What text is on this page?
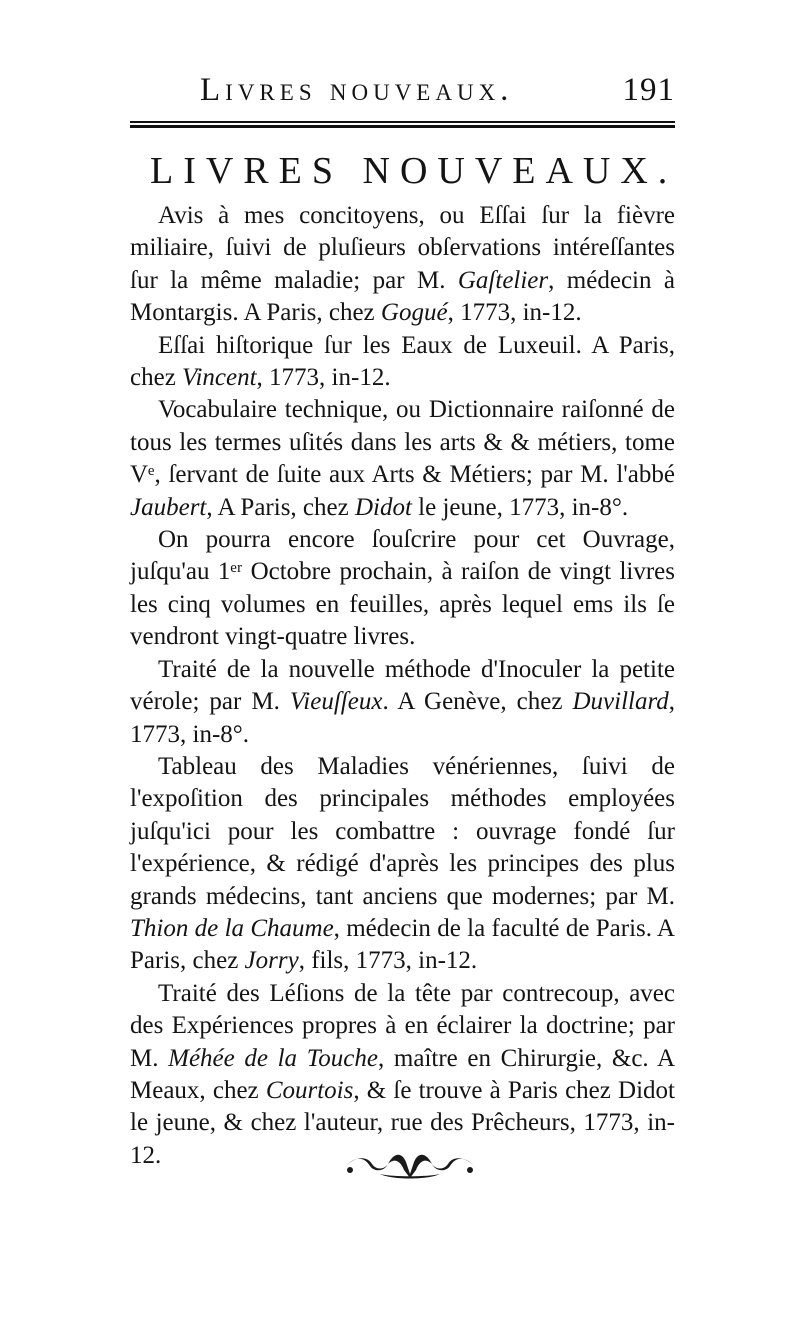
Livres nouveaux.	191
LIVRES NOUVEAUX.

Avis à mes concitoyens, ou Eſſai ſur la fièvre miliaire, ſuivi de pluſieurs obſervations intéreſſantes ſur la même maladie; par M. Gaſtelier, médecin à Montargis. A Paris, chez Gogué, 1773, in-12.

Eſſai hiſtorique ſur les Eaux de Luxeuil. A Paris, chez Vincent, 1773, in-12.

Vocabulaire technique, ou Dictionnaire raiſonné de tous les termes uſités dans les arts & & métiers, tome Vᵉ, ſervant de ſuite aux Arts & Métiers; par M. l'abbé Jaubert, A Paris, chez Didot le jeune, 1773, in-8°.

On pourra encore ſouſcrire pour cet Ouvrage, juſqu'au 1ᵉʳ Octobre prochain, à raiſon de vingt livres les cinq volumes en feuilles, après lequel ems ils ſe vendront vingt-quatre livres.

Traité de la nouvelle méthode d'Inoculer la petite vérole; par M. Vieuſſeux. A Genève, chez Duvillard, 1773, in-8°.

Tableau des Maladies vénériennes, ſuivi de l'expoſition des principales méthodes employées juſqu'ici pour les combattre : ouvrage fondé ſur l'expérience, & rédigé d'après les principes des plus grands médecins, tant anciens que modernes; par M. Thion de la Chaume, médecin de la faculté de Paris. A Paris, chez Jorry, fils, 1773, in-12.

Traité des Léſions de la tête par contrecoup, avec des Expériences propres à en éclairer la doctrine; par M. Méhée de la Touche, maître en Chirurgie, &c. A Meaux, chez Courtois, & ſe trouve à Paris chez Didot le jeune, & chez l'auteur, rue des Prêcheurs, 1773, in-12.
